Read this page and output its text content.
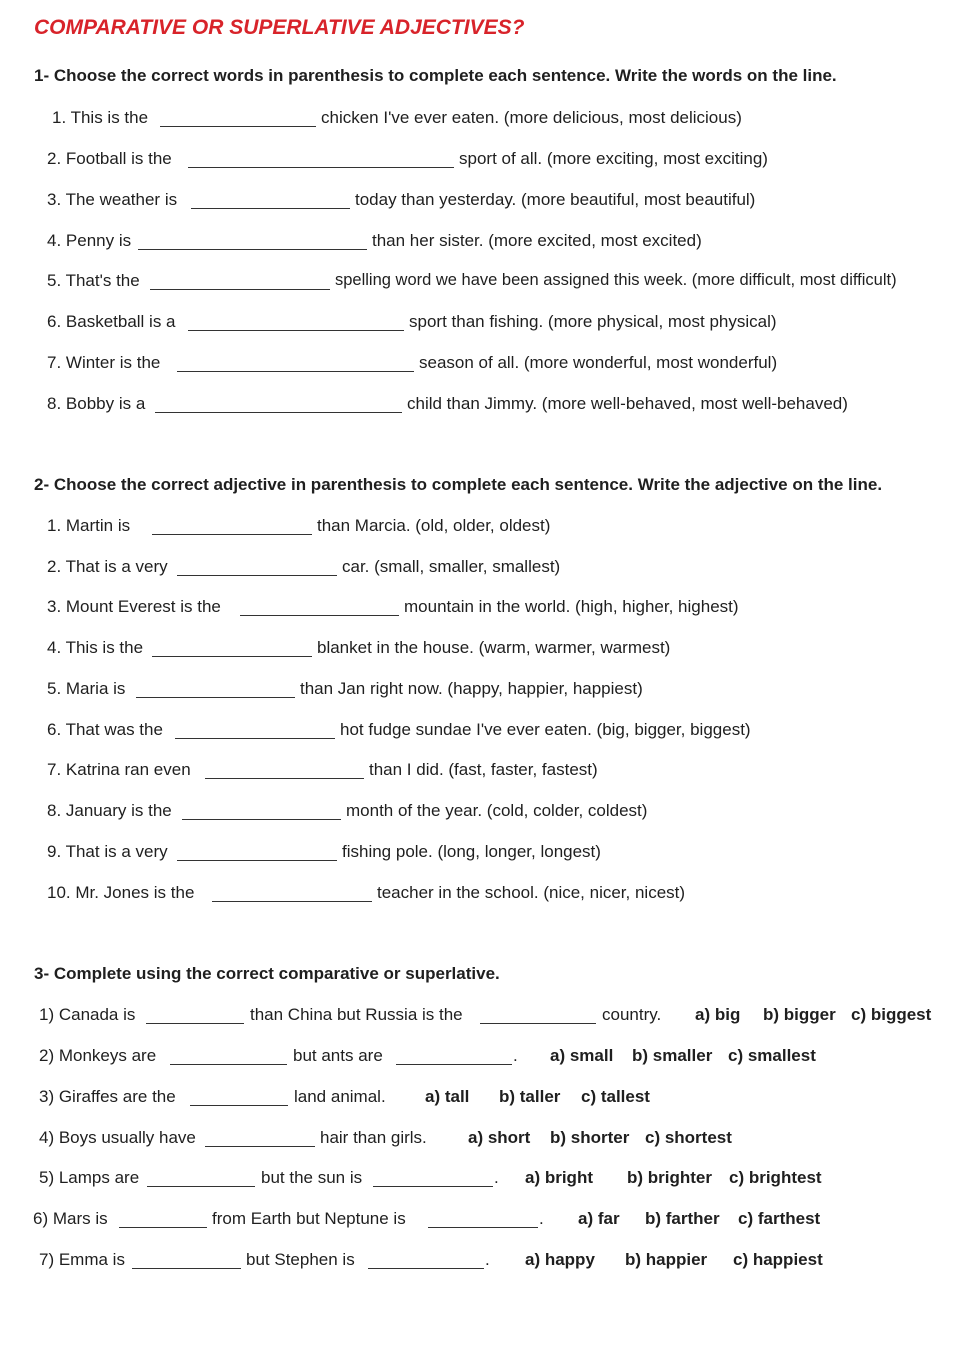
COMPARATIVE OR SUPERLATIVE ADJECTIVES?
1- Choose the correct words in parenthesis to complete each sentence. Write the words on the line.
1. This is the	chicken I've ever eaten. (more delicious, most delicious)
2. Football is the	sport of all. (more exciting, most exciting)
3. The weather is	today than yesterday. (more beautiful, most beautiful)
4. Penny is	than her sister. (more excited, most excited)
5. That's the	spelling word we have been assigned this week. (more difficult, most difficult)
6. Basketball is a	sport than fishing. (more physical, most physical)
7. Winter is the	season of all. (more wonderful, most wonderful)
8. Bobby is a	child than Jimmy. (more well-behaved, most well-behaved)
2- Choose the correct adjective in parenthesis to complete each sentence. Write the adjective on the line.
1. Martin is	than Marcia. (old, older, oldest)
2. That is a very	car. (small, smaller, smallest)
3. Mount Everest is the	mountain in the world. (high, higher, highest)
4. This is the	blanket in the house. (warm, warmer, warmest)
5. Maria is	than Jan right now. (happy, happier, happiest)
6. That was the	hot fudge sundae I've ever eaten. (big, bigger, biggest)
7. Katrina ran even	than I did. (fast, faster, fastest)
8. January is the	month of the year. (cold, colder, coldest)
9. That is a very	fishing pole. (long, longer, longest)
10. Mr. Jones is the	teacher in the school. (nice, nicer, nicest)
3- Complete using the correct comparative or superlative.
1) Canada is	than China but Russia is the	country. a) big b) bigger c) biggest
2) Monkeys are	but ants are	. a) small b) smaller c) smallest
3) Giraffes are the	land animal. a) tall b) taller c) tallest
4) Boys usually have	hair than girls. a) short b) shorter c) shortest
5) Lamps are	but the sun is	. a) bright b) brighter c) brightest
6) Mars is	from Earth but Neptune is	. a) far b) farther c) farthest
7) Emma is	but Stephen is	. a) happy b) happier c) happiest
